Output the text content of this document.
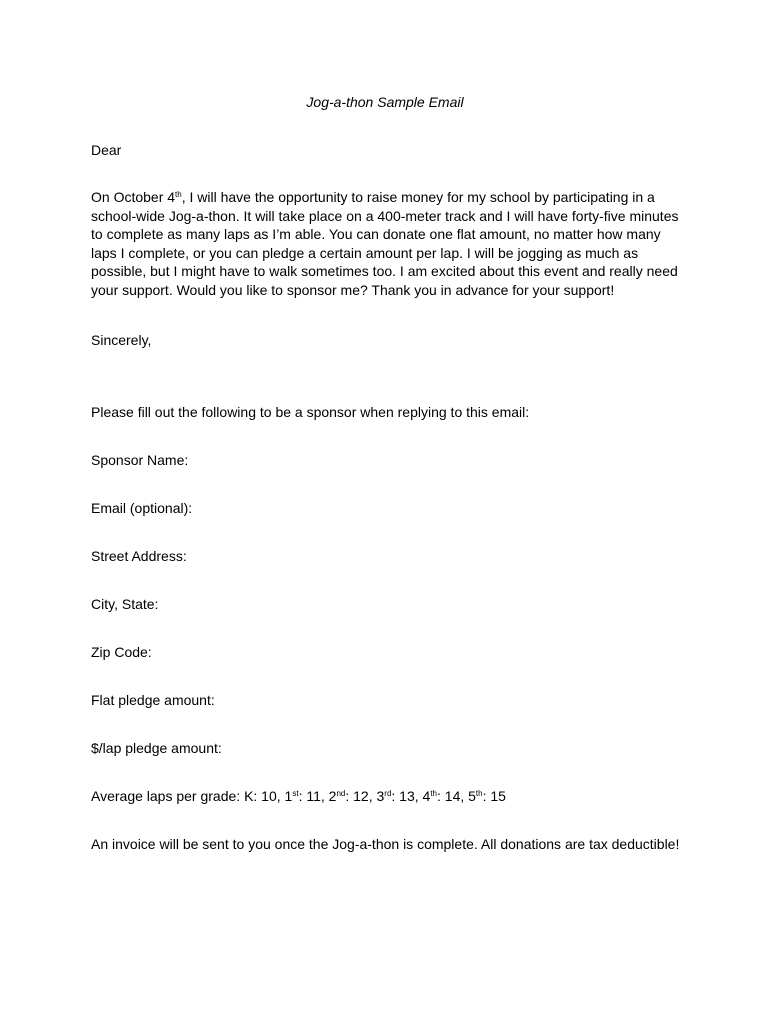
Jog-a-thon Sample Email
Dear
On October 4th, I will have the opportunity to raise money for my school by participating in a
school-wide Jog-a-thon. It will take place on a 400-meter track and I will have forty-five minutes
to complete as many laps as I’m able. You can donate one flat amount, no matter how many
laps I complete, or you can pledge a certain amount per lap. I will be jogging as much as
possible, but I might have to walk sometimes too. I am excited about this event and really need
your support. Would you like to sponsor me? Thank you in advance for your support!
Sincerely,
Please fill out the following to be a sponsor when replying to this email:
Sponsor Name:
Email (optional):
Street Address:
City, State:
Zip Code:
Flat pledge amount:
$/lap pledge amount:
Average laps per grade: K: 10, 1st: 11, 2nd: 12, 3rd: 13, 4th: 14, 5th: 15
An invoice will be sent to you once the Jog-a-thon is complete. All donations are tax deductible!
